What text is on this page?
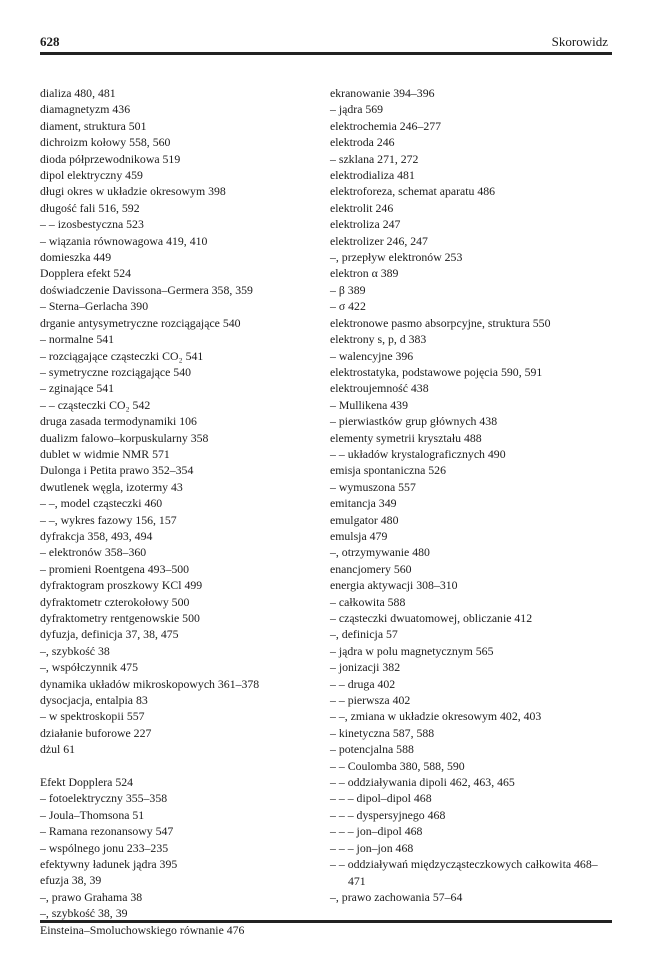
628	Skorowidz
dializa 480, 481
diamagnetyzm 436
diament, struktura 501
dichroizm kołowy 558, 560
dioda półprzewodnikowa 519
dipol elektryczny 459
długi okres w układzie okresowym 398
długość fali 516, 592
– – izosbestyczna 523
– wiązania równowagowa 419, 410
domieszka 449
Dopplera efekt 524
doświadczenie Davissona–Germera 358, 359
– Sterna–Gerlacha 390
drganie antysymetryczne rozciągające 540
– normalne 541
– rozciągające cząsteczki CO₂ 541
– symetryczne rozciągające 540
– zginające 541
– – cząsteczki CO₂ 542
druga zasada termodynamiki 106
dualizm falowo–korpuskularny 358
dublet w widmie NMR 571
Dulonga i Petita prawo 352–354
dwutlenek węgla, izotermy 43
– –, model cząsteczki 460
– –, wykres fazowy 156, 157
dyfrakcja 358, 493, 494
– elektronów 358–360
– promieni Roentgena 493–500
dyfraktogram proszkowy KCl 499
dyfraktometr czterokołowy 500
dyfraktometry rentgenowskie 500
dyfuzja, definicja 37, 38, 475
–, szybkość 38
–, współczynnik 475
dynamika układów mikroskopowych 361–378
dysocjacja, entalpia 83
– w spektroskopii 557
działanie buforowe 227
dżul 61
Efekt Dopplera 524
– fotoelektryczny 355–358
– Joula–Thomsona 51
– Ramana rezonansowy 547
– wspólnego jonu 233–235
efektywny ładunek jądra 395
efuzja 38, 39
–, prawo Grahama 38
–, szybkość 38, 39
Einsteina–Smoluchowskiego równanie 476
ekranowanie 394–396
– jądra 569
elektrochemia 246–277
elektroda 246
– szklana 271, 272
elektrodializa 481
elektroforeza, schemat aparatu 486
elektrolit 246
elektroliza 247
elektrolizer 246, 247
–, przepływ elektronów 253
elektron α 389
– β 389
– σ 422
elektronowe pasmo absorpcyjne, struktura 550
elektrony s, p, d 383
– walencyjne 396
elektrostatyka, podstawowe pojęcia 590, 591
elektroujemność 438
– Mullikena 439
– pierwiastków grup głównych 438
elementy symetrii kryształu 488
– – układów krystalograficznych 490
emisja spontaniczna 526
– wymuszona 557
emitancja 349
emulgator 480
emulsja 479
–, otrzymywanie 480
enancjomery 560
energia aktywacji 308–310
– całkowita 588
– cząsteczki dwuatomowej, obliczanie 412
–, definicja 57
– jądra w polu magnetycznym 565
– jonizacji 382
– – druga 402
– – pierwsza 402
– –, zmiana w układzie okresowym 402, 403
– kinetyczna 587, 588
– potencjalna 588
– – Coulomba 380, 588, 590
– – oddziaływania dipoli 462, 463, 465
– – – dipol–dipol 468
– – – dyspersyjnego 468
– – – jon–dipol 468
– – – jon–jon 468
– – oddziaływań międzycząsteczkowych całkowita 468–471
–, prawo zachowania 57–64
